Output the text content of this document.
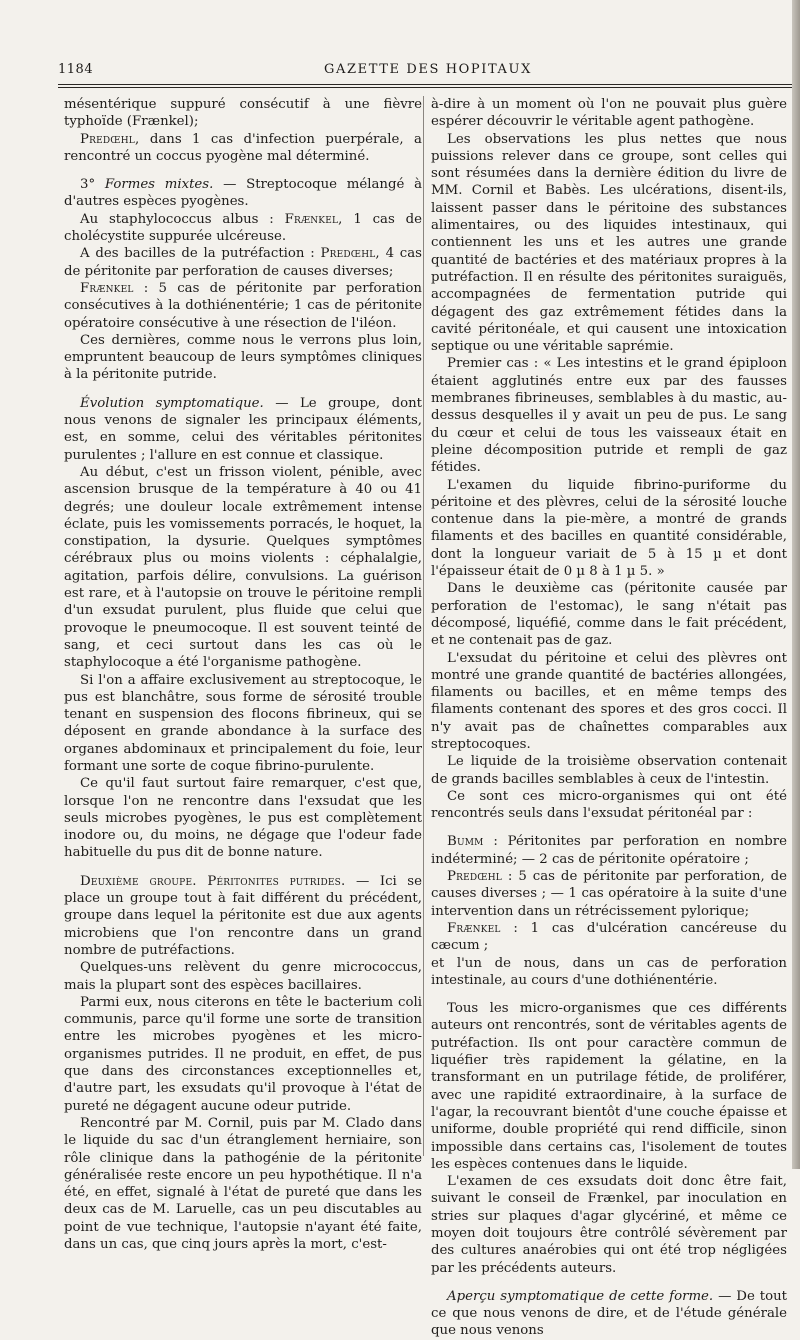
1184	GAZETTE DES HOPITAUX

mésentérique suppuré consécutif à une fièvre typhoïde (Frænkel);

Predœhl, dans 1 cas d'infection puerpérale, a rencontré un coccus pyogène mal déterminé.

3° Formes mixtes. — Streptocoque mélangé à d'autres espèces pyogènes.

Au staphylococcus albus : Frænkel, 1 cas de cholécystite suppurée ulcéreuse.

A des bacilles de la putréfaction : Predœhl, 4 cas de péritonite par perforation de causes diverses;

Frænkel : 5 cas de péritonite par perforation consécutives à la dothiénentérie; 1 cas de péritonite opératoire consécutive à une résection de l'iléon.

Ces dernières, comme nous le verrons plus loin, empruntent beaucoup de leurs symptômes cliniques à la péritonite putride.

Évolution symptomatique. — Le groupe, dont nous venons de signaler les principaux éléments, est, en somme, celui des véritables péritonites purulentes ; l'allure en est connue et classique.

Au début, c'est un frisson violent, pénible, avec ascension brusque de la température à 40 ou 41 degrés; une douleur locale extrêmement intense éclate, puis les vomissements porracés, le hoquet, la constipation, la dysurie. Quelques symptômes cérébraux plus ou moins violents : céphalalgie, agitation, parfois délire, convulsions. La guérison est rare, et à l'autopsie on trouve le péritoine rempli d'un exsudat purulent, plus fluide que celui que provoque le pneumocoque. Il est souvent teinté de sang, et ceci surtout dans les cas où le staphylocoque a été l'organisme pathogène.

Si l'on a affaire exclusivement au streptocoque, le pus est blanchâtre, sous forme de sérosité trouble tenant en suspension des flocons fibrineux, qui se déposent en grande abondance à la surface des organes abdominaux et principalement du foie, leur formant une sorte de coque fibrino-purulente.

Ce qu'il faut surtout faire remarquer, c'est que, lorsque l'on ne rencontre dans l'exsudat que les seuls microbes pyogènes, le pus est complètement inodore ou, du moins, ne dégage que l'odeur fade habituelle du pus dit de bonne nature.

Deuxième groupe. Péritonites putrides. — Ici se place un groupe tout à fait différent du précédent, groupe dans lequel la péritonite est due aux agents microbiens que l'on rencontre dans un grand nombre de putréfactions.

Quelques-uns relèvent du genre micrococcus, mais la plupart sont des espèces bacillaires.

Parmi eux, nous citerons en tête le bacterium coli communis, parce qu'il forme une sorte de transition entre les microbes pyogènes et les micro-organismes putrides. Il ne produit, en effet, de pus que dans des circonstances exceptionnelles et, d'autre part, les exsudats qu'il provoque à l'état de pureté ne dégagent aucune odeur putride.

Rencontré par M. Cornil, puis par M. Clado dans le liquide du sac d'un étranglement herniaire, son rôle clinique dans la pathogénie de la péritonite généralisée reste encore un peu hypothétique. Il n'a été, en effet, signalé à l'état de pureté que dans les deux cas de M. Laruelle, cas un peu discutables au point de vue technique, l'autopsie n'ayant été faite, dans un cas, que cinq jours après la mort, c'est-

à-dire à un moment où l'on ne pouvait plus guère espérer découvrir le véritable agent pathogène.

Les observations les plus nettes que nous puissions relever dans ce groupe, sont celles qui sont résumées dans la dernière édition du livre de MM. Cornil et Babès. Les ulcérations, disent-ils, laissent passer dans le péritoine des substances alimentaires, ou des liquides intestinaux, qui contiennent les uns et les autres une grande quantité de bactéries et des matériaux propres à la putréfaction. Il en résulte des péritonites suraiguës, accompagnées de fermentation putride qui dégagent des gaz extrêmement fétides dans la cavité péritonéale, et qui causent une intoxication septique ou une véritable saprémie.

Premier cas : « Les intestins et le grand épiploon étaient agglutinés entre eux par des fausses membranes fibrineuses, semblables à du mastic, au-dessus desquelles il y avait un peu de pus. Le sang du cœur et celui de tous les vaisseaux était en pleine décomposition putride et rempli de gaz fétides.

L'examen du liquide fibrino-puriforme du péritoine et des plèvres, celui de la sérosité louche contenue dans la pie-mère, a montré de grands filaments et des bacilles en quantité considérable, dont la longueur variait de 5 à 15 µ et dont l'épaisseur était de 0 µ 8 à 1 µ 5. »

Dans le deuxième cas (péritonite causée par perforation de l'estomac), le sang n'était pas décomposé, liquéfié, comme dans le fait précédent, et ne contenait pas de gaz.

L'exsudat du péritoine et celui des plèvres ont montré une grande quantité de bactéries allongées, filaments ou bacilles, et en même temps des filaments contenant des spores et des gros cocci. Il n'y avait pas de chaînettes comparables aux streptocoques.

Le liquide de la troisième observation contenait de grands bacilles semblables à ceux de l'intestin.

Ce sont ces micro-organismes qui ont été rencontrés seuls dans l'exsudat péritonéal par :

Bumm : Péritonites par perforation en nombre indéterminé; — 2 cas de péritonite opératoire ;

Predœhl : 5 cas de péritonite par perforation, de causes diverses ; — 1 cas opératoire à la suite d'une intervention dans un rétrécissement pylorique;

Frænkel : 1 cas d'ulcération cancéreuse du cæcum ;

et l'un de nous, dans un cas de perforation intestinale, au cours d'une dothiénentérie.

Tous les micro-organismes que ces différents auteurs ont rencontrés, sont de véritables agents de putréfaction. Ils ont pour caractère commun de liquéfier très rapidement la gélatine, en la transformant en un putrilage fétide, de proliférer, avec une rapidité extraordinaire, à la surface de l'agar, la recouvrant bientôt d'une couche épaisse et uniforme, double propriété qui rend difficile, sinon impossible dans certains cas, l'isolement de toutes les espèces contenues dans le liquide.

L'examen de ces exsudats doit donc être fait, suivant le conseil de Frænkel, par inoculation en stries sur plaques d'agar glycériné, et même ce moyen doit toujours être contrôlé sévèrement par des cultures anaérobies qui ont été trop négligées par les précédents auteurs.

Aperçu symptomatique de cette forme. — De tout ce que nous venons de dire, et de l'étude générale que nous venons
